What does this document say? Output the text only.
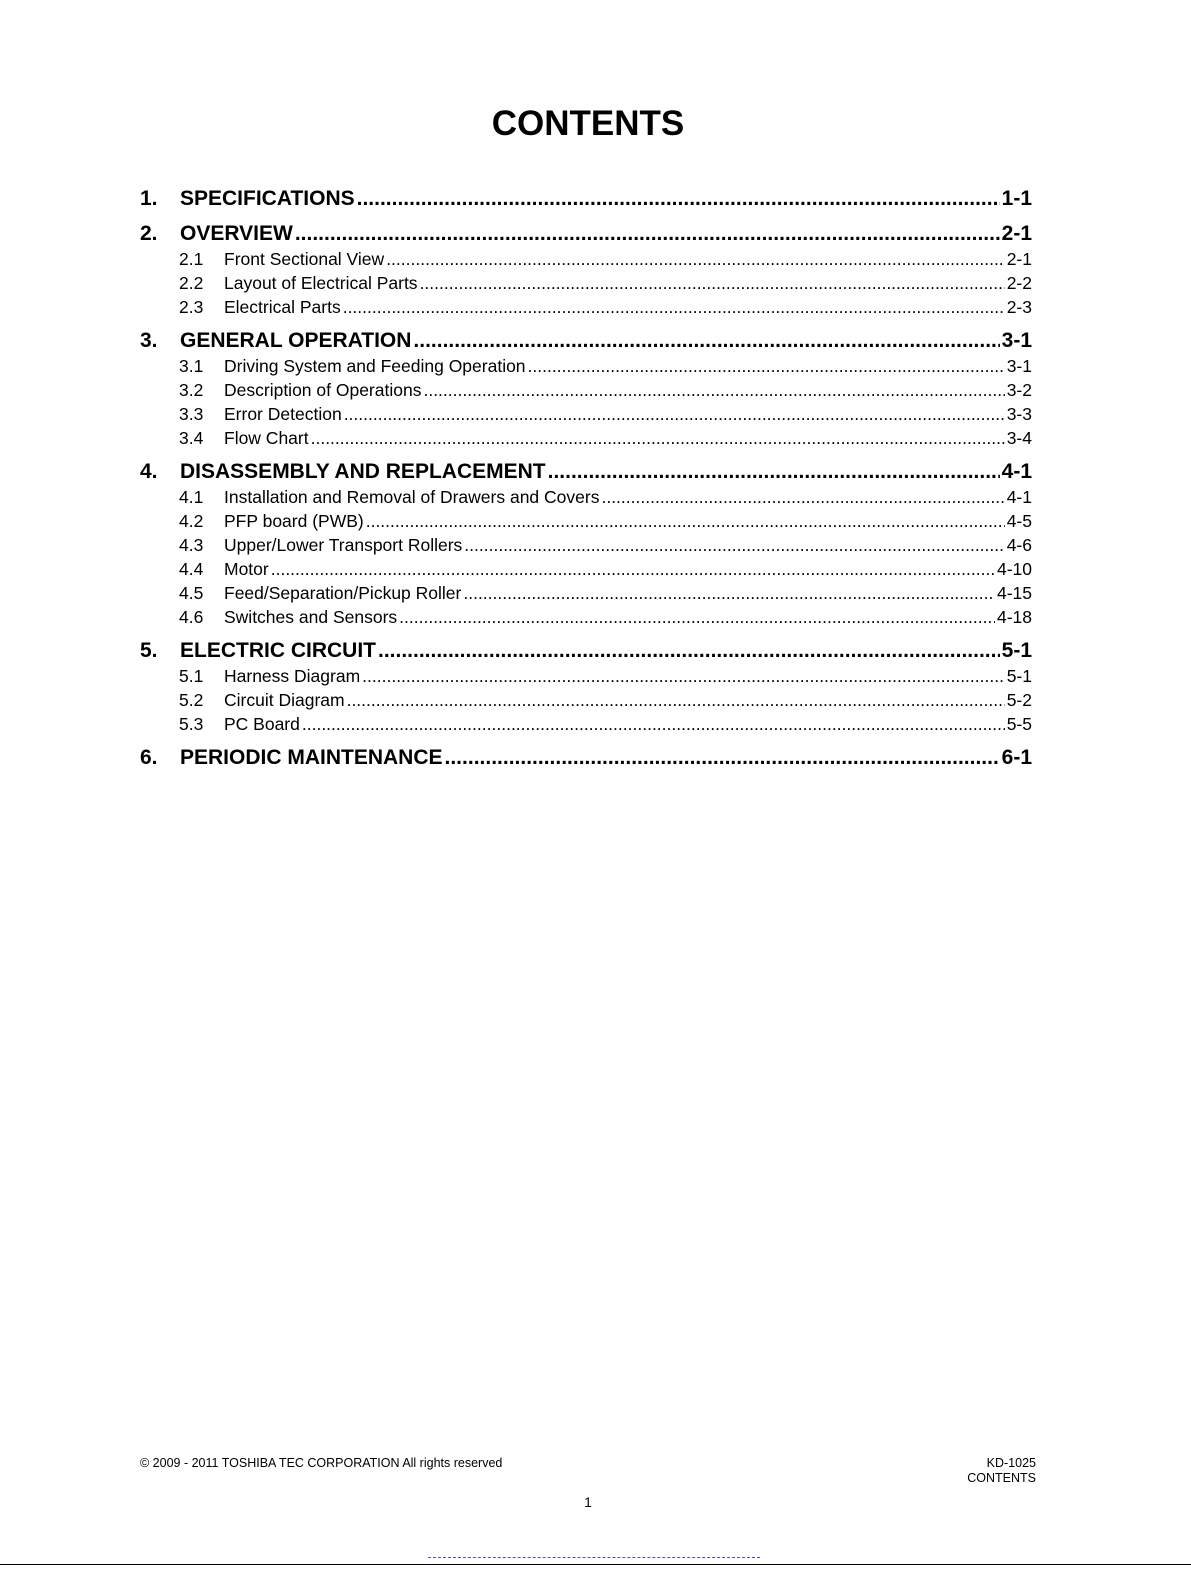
CONTENTS
1.	SPECIFICATIONS .....	1-1
2.	OVERVIEW .....	2-1
2.1	Front Sectional View .....	2-1
2.2	Layout of Electrical Parts .....	2-2
2.3	Electrical Parts .....	2-3
3.	GENERAL OPERATION .....	3-1
3.1	Driving System and Feeding Operation .....	3-1
3.2	Description of Operations .....	3-2
3.3	Error Detection .....	3-3
3.4	Flow Chart .....	3-4
4.	DISASSEMBLY AND REPLACEMENT .....	4-1
4.1	Installation and Removal of Drawers and Covers .....	4-1
4.2	PFP board (PWB) .....	4-5
4.3	Upper/Lower Transport Rollers .....	4-6
4.4	Motor .....	4-10
4.5	Feed/Separation/Pickup Roller .....	4-15
4.6	Switches and Sensors .....	4-18
5.	ELECTRIC CIRCUIT .....	5-1
5.1	Harness Diagram .....	5-1
5.2	Circuit Diagram .....	5-2
5.3	PC Board .....	5-5
6.	PERIODIC MAINTENANCE .....	6-1
© 2009 - 2011 TOSHIBA TEC CORPORATION All rights reserved	KD-1025
CONTENTS
1
